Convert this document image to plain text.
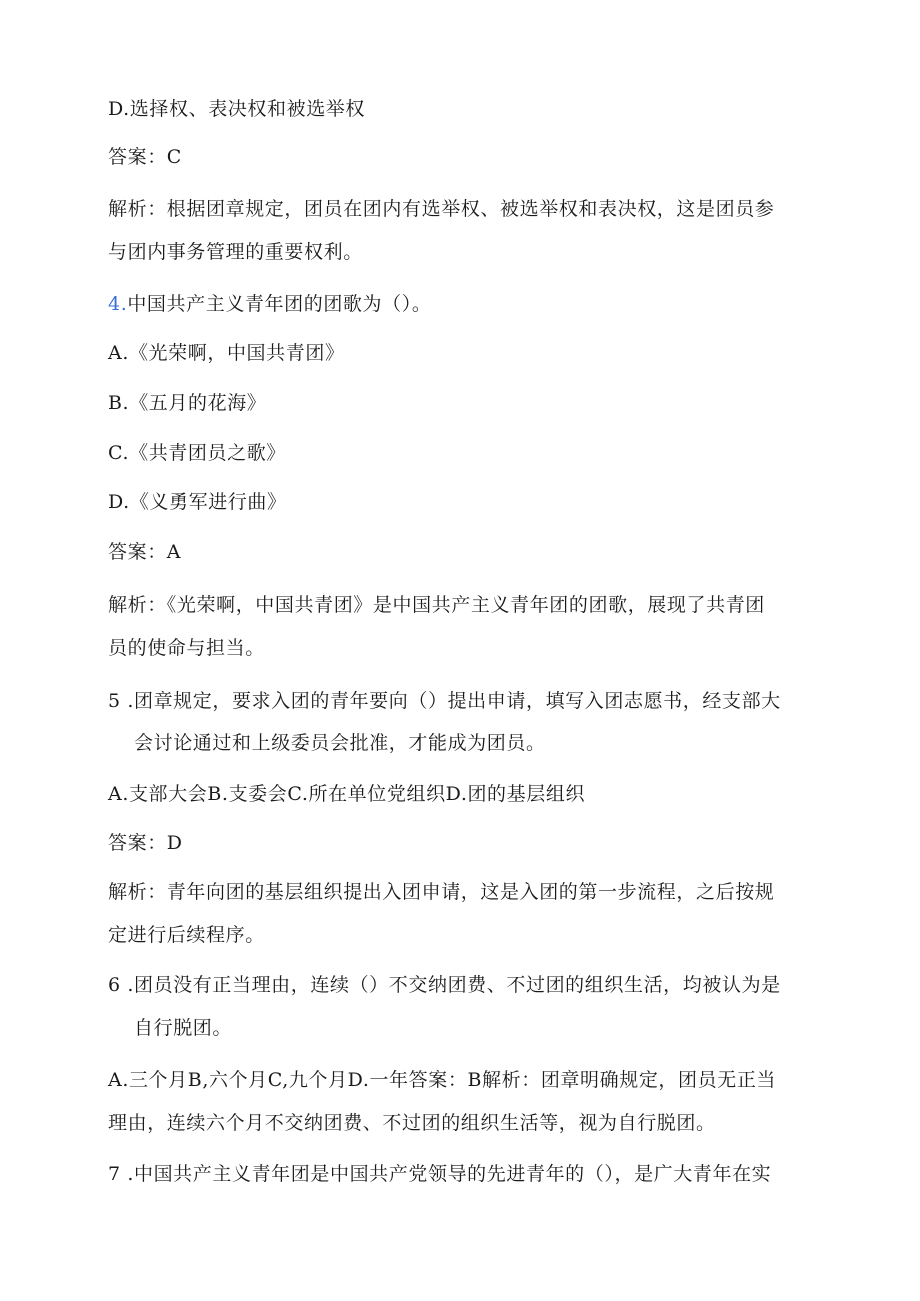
D.选择权、表决权和被选举权
答案：C
解析：根据团章规定，团员在团内有选举权、被选举权和表决权，这是团员参
与团内事务管理的重要权利。
4.中国共产主义青年团的团歌为（）。
A.《光荣啊，中国共青团》
B.《五月的花海》
C.《共青团员之歌》
D.《义勇军进行曲》
答案：A
解析：《光荣啊，中国共青团》是中国共产主义青年团的团歌，展现了共青团
员的使命与担当。
5 .团章规定，要求入团的青年要向（）提出申请，填写入团志愿书，经支部大
会讨论通过和上级委员会批准，才能成为团员。
A.支部大会B.支委会C.所在单位党组织D.团的基层组织
答案：D
解析：青年向团的基层组织提出入团申请，这是入团的第一步流程，之后按规
定进行后续程序。
6 .团员没有正当理由，连续（）不交纳团费、不过团的组织生活，均被认为是
自行脱团。
A.三个月B,六个月C,九个月D.一年答案：B解析：团章明确规定，团员无正当
理由，连续六个月不交纳团费、不过团的组织生活等，视为自行脱团。
7 .中国共产主义青年团是中国共产党领导的先进青年的（），是广大青年在实
